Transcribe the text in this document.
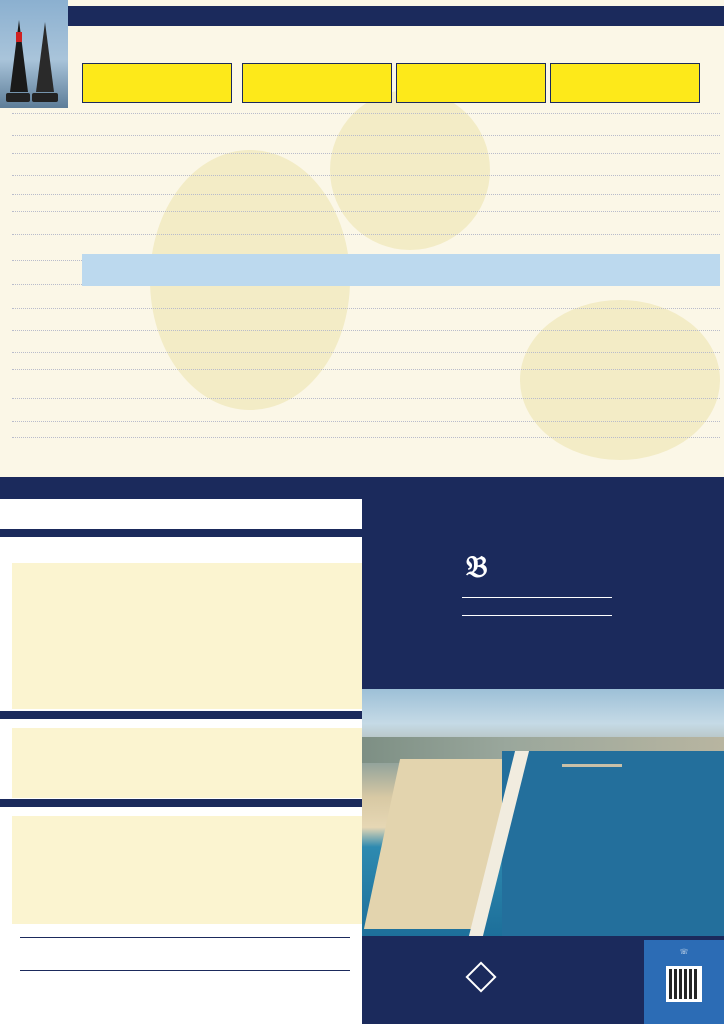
𝔅
☏
